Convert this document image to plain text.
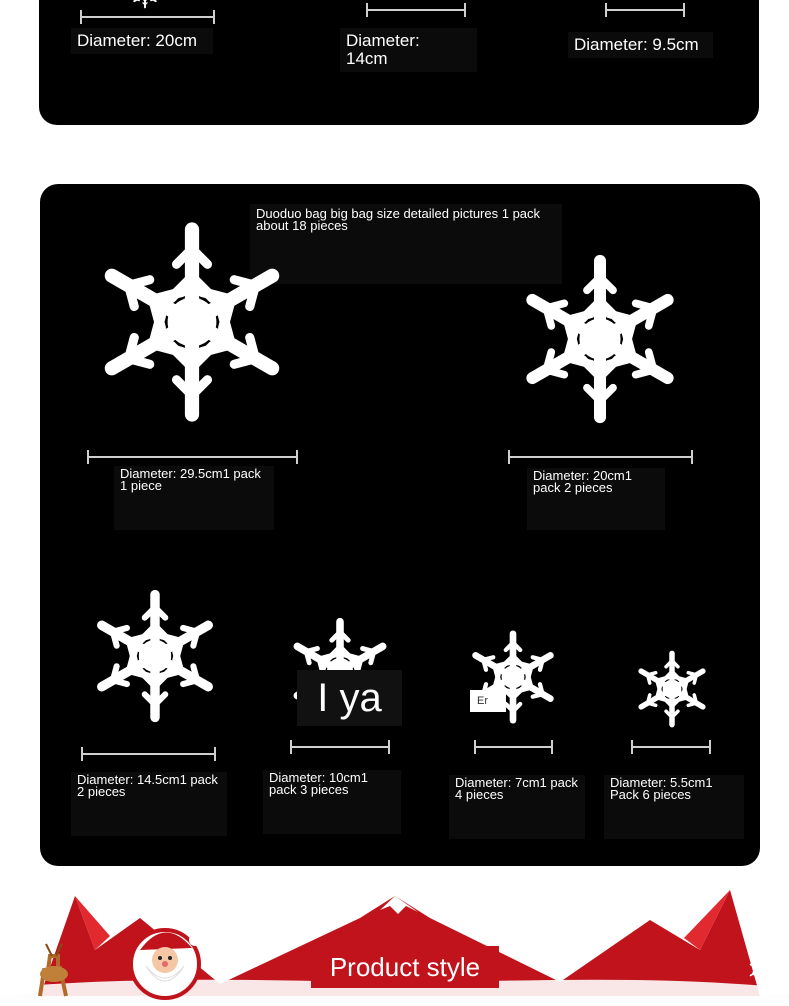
Diameter: 20cm	Diameter:
14cm
Diameter: 9.5cm
Duoduo bag big bag size detailed pictures 1 pack about 18 pieces
Diameter: 29.5cm1 pack 1 piece
Diameter: 20cm1 pack 2 pieces
Diameter: 14.5cm1 pack 2 pieces
I ya
Diameter: 10cm1 pack 3 pieces
Er
Diameter: 7cm1 pack 4 pieces
Diameter: 5.5cm1 Pack 6 pieces
Product style
